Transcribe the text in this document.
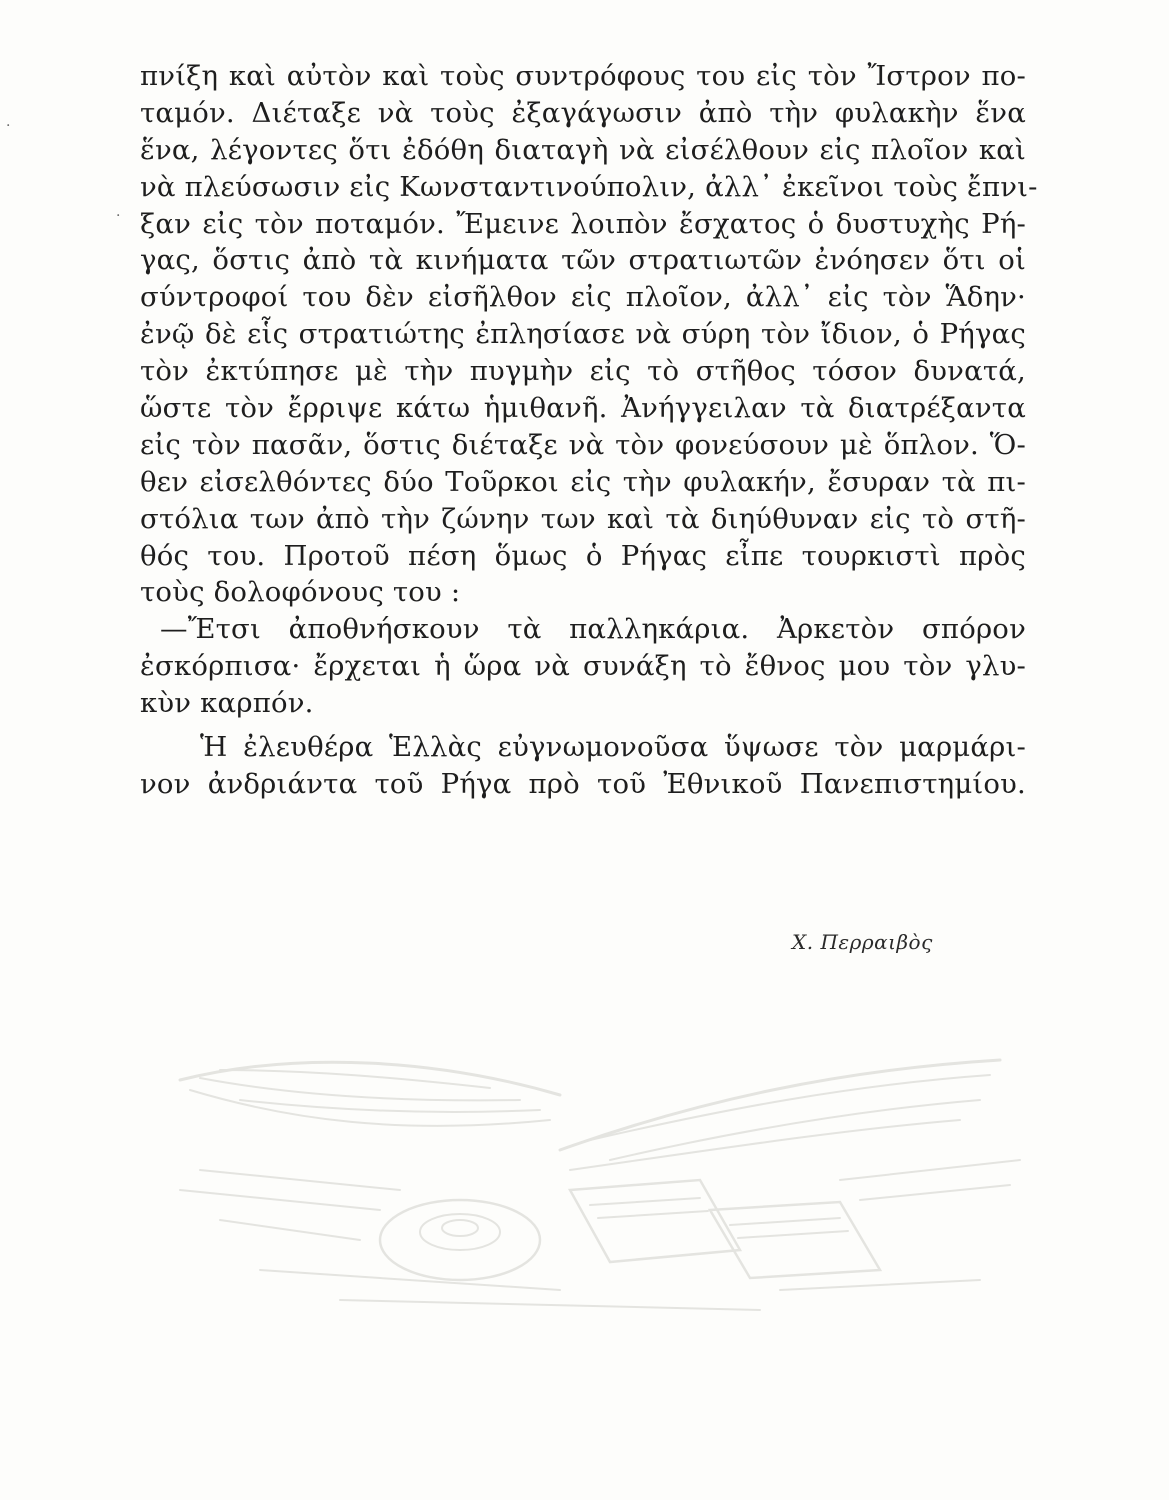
·
·
πνίξη καὶ αὐτὸν καὶ τοὺς συντρόφους του εἰς τὸν Ἴστρον πο-
ταμόν. Διέταξε νὰ τοὺς ἐξαγάγωσιν ἀπὸ τὴν φυλακὴν ἕνα
ἕνα, λέγοντες ὅτι ἐδόθη διαταγὴ νὰ εἰσέλθουν εἰς πλοῖον καὶ
νὰ πλεύσωσιν εἰς Κωνσταντινούπολιν, ἀλλ᾽ ἐκεῖνοι τοὺς ἔπνι-
ξαν εἰς τὸν ποταμόν. Ἔμεινε λοιπὸν ἔσχατος ὁ δυστυχὴς Ρή-
γας, ὅστις ἀπὸ τὰ κινήματα τῶν στρατιωτῶν ἐνόησεν ὅτι οἱ
σύντροφοί του δὲν εἰσῆλθον εἰς πλοῖον, ἀλλ᾽ εἰς τὸν Ἅδην·
ἐνῷ δὲ εἷς στρατιώτης ἐπλησίασε νὰ σύρη τὸν ἴδιον, ὁ Ρήγας
τὸν ἐκτύπησε μὲ τὴν πυγμὴν εἰς τὸ στῆθος τόσον δυνατά,
ὥστε τὸν ἔρριψε κάτω ἡμιθανῆ. Ἀνήγγειλαν τὰ διατρέξαντα
εἰς τὸν πασᾶν, ὅστις διέταξε νὰ τὸν φονεύσουν μὲ ὅπλον. Ὅ-
θεν εἰσελθόντες δύο Τοῦρκοι εἰς τὴν φυλακήν, ἔσυραν τὰ πι-
στόλια των ἀπὸ τὴν ζώνην των καὶ τὰ διηύθυναν εἰς τὸ στῆ-
θός του. Προτοῦ πέση ὅμως ὁ Ρήγας εἶπε τουρκιστὶ πρὸς
τοὺς δολοφόνους του :
—Ἔτσι ἀποθνήσκουν τὰ παλληκάρια. Ἀρκετὸν σπόρον
ἐσκόρπισα· ἔρχεται ἡ ὥρα νὰ συνάξη τὸ ἔθνος μου τὸν γλυ-
κὺν καρπόν.
Ἡ ἐλευθέρα Ἑλλὰς εὐγνωμονοῦσα ὕψωσε τὸν μαρμάρι-
νον ἀνδριάντα τοῦ Ρήγα πρὸ τοῦ Ἐθνικοῦ Πανεπιστημίου.
Χ. Περραιβὸς
